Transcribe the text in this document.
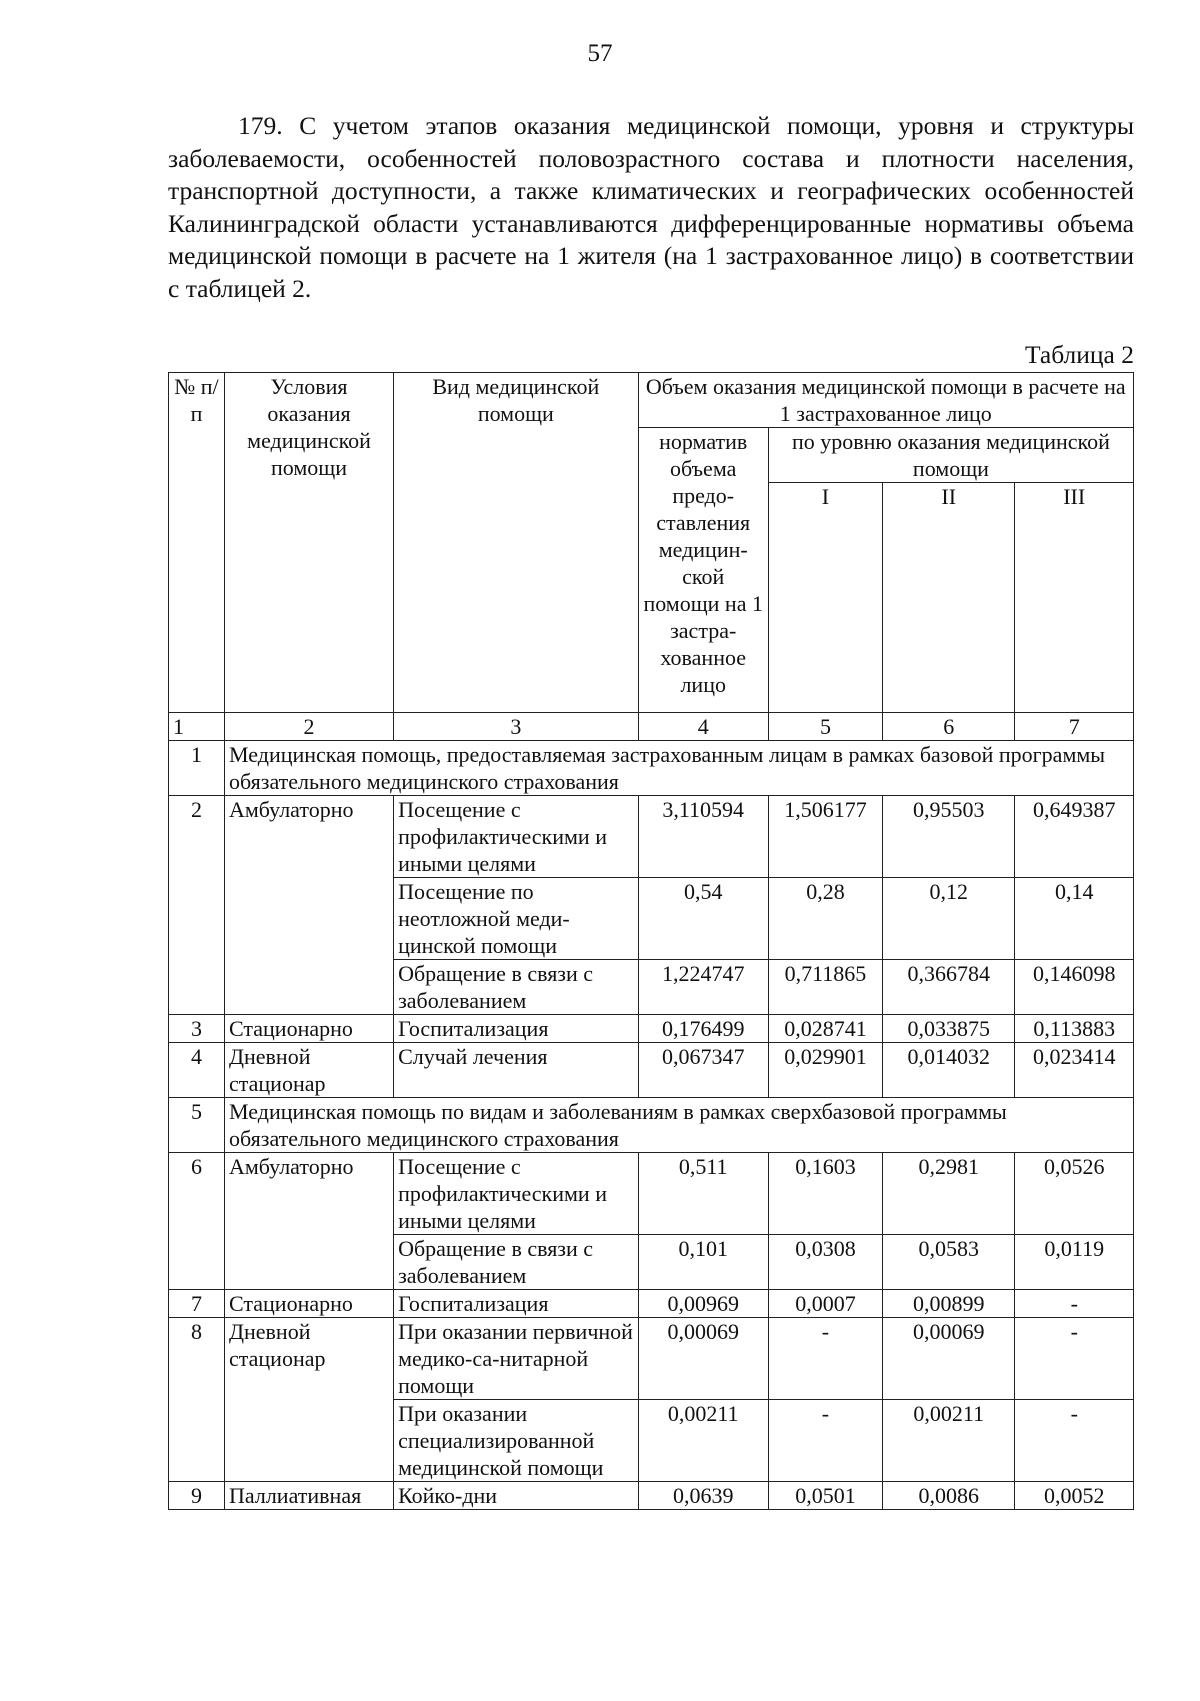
57

179. С учетом этапов оказания медицинской помощи, уровня и структуры заболеваемости, особенностей половозрастного состава и плотности населения, транспортной доступности, а также климатических и географических особенностей Калининградской области устанавливаются дифференцированные нормативы объема медицинской помощи в расчете на 1 жителя (на 1 застрахованное лицо) в соответствии с таблицей 2.

Таблица 2
№ п/п	Условия оказания медицинской помощи	Вид медицинской помощи	Объем оказания медицинской помощи в расчете на 1 застрахованное лицо			
			норматив объема предо-ставления медицин-ской помощи на 1 застра-хованное лицо	по уровню оказания медицинской помощи		
				I	II	III
1	2	3	4	5	6	7
1	Медицинская помощь, предоставляемая застрахованным лицам в рамках базовой программы обязательного медицинского страхования					
2	Амбулаторно	Посещение с профилактическими и иными целями	3,110594	1,506177	0,95503	0,649387
		Посещение по неотложной меди-цинской помощи	0,54	0,28	0,12	0,14
		Обращение в связи с заболеванием	1,224747	0,711865	0,366784	0,146098
3	Стационарно	Госпитализация	0,176499	0,028741	0,033875	0,113883
4	Дневной стационар	Случай лечения	0,067347	0,029901	0,014032	0,023414
5	Медицинская помощь по видам и заболеваниям в рамках сверхбазовой программы обязательного медицинского страхования					
6	Амбулаторно	Посещение с профилактическими и иными целями	0,511	0,1603	0,2981	0,0526
		Обращение в связи с заболеванием	0,101	0,0308	0,0583	0,0119
7	Стационарно	Госпитализация	0,00969	0,0007	0,00899	-
8	Дневной стационар	При оказании первичной медико-са-нитарной помощи	0,00069	-	0,00069	-
		При оказании специализированной медицинской помощи	0,00211	-	0,00211	-
9	Паллиативная	Койко-дни	0,0639	0,0501	0,0086	0,0052
